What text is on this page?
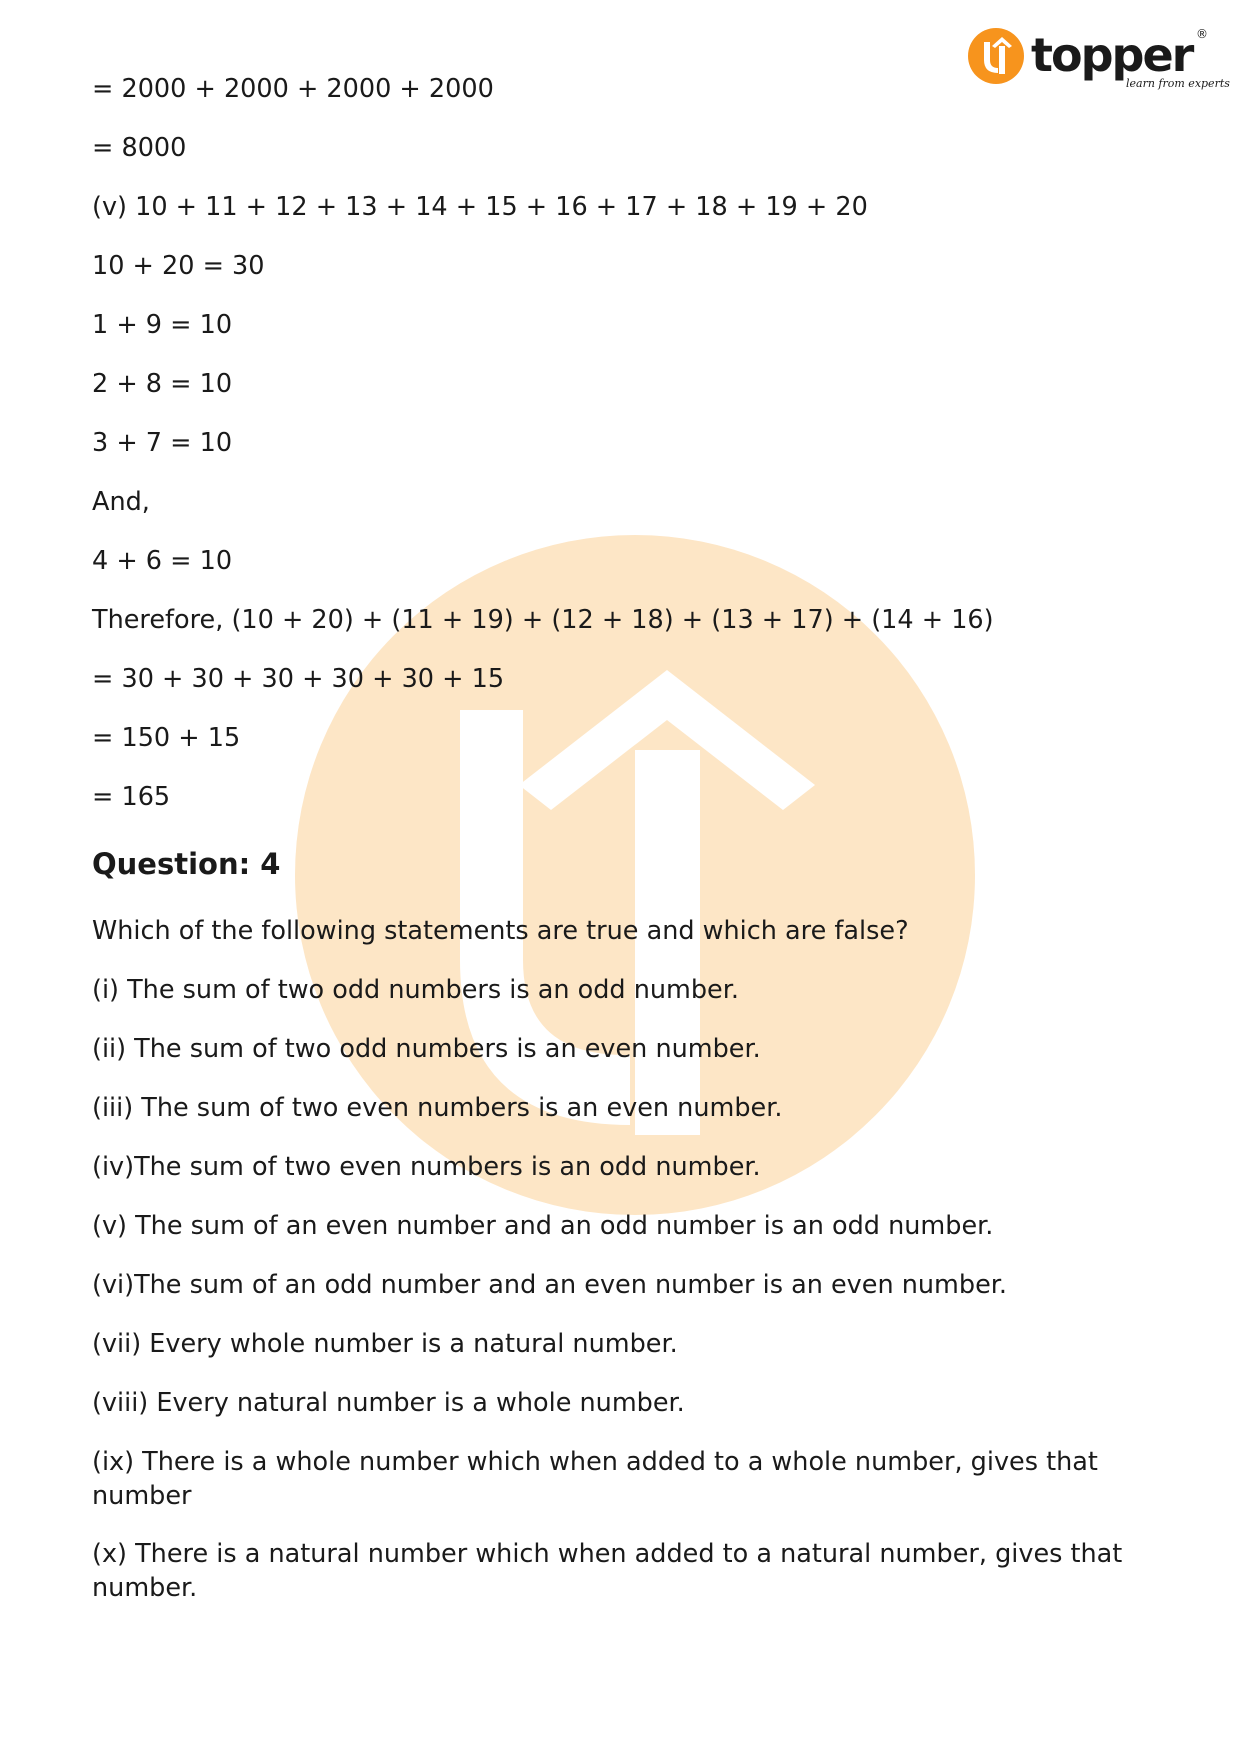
topper ®
learn from experts

= 2000 + 2000 + 2000 + 2000

= 8000

(v) 10 + 11 + 12 + 13 + 14 + 15 + 16 + 17 + 18 + 19 + 20

10 + 20 = 30

1 + 9 = 10

2 + 8 = 10

3 + 7 = 10

And,

4 + 6 = 10

Therefore, (10 + 20) + (11 + 19) + (12 + 18) + (13 + 17) + (14 + 16)

= 30 + 30 + 30 + 30 + 30 + 15

= 150 + 15

= 165

Question: 4

Which of the following statements are true and which are false?

(i) The sum of two odd numbers is an odd number.

(ii) The sum of two odd numbers is an even number.

(iii) The sum of two even numbers is an even number.

(iv)The sum of two even numbers is an odd number.

(v) The sum of an even number and an odd number is an odd number.

(vi)The sum of an odd number and an even number is an even number.

(vii) Every whole number is a natural number.

(viii) Every natural number is a whole number.

(ix) There is a whole number which when added to a whole number, gives that number

(x) There is a natural number which when added to a natural number, gives that number.
